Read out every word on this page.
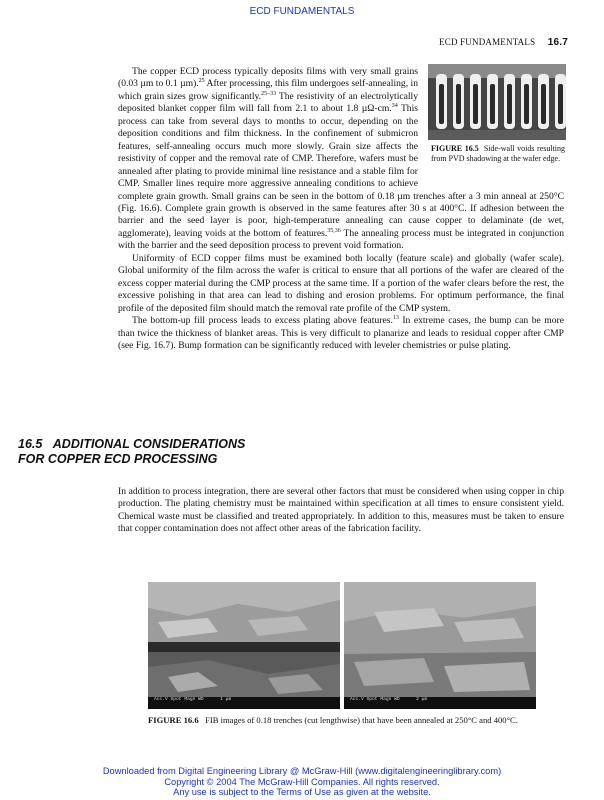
ECD FUNDAMENTALS
ECD FUNDAMENTALS 16.7
FIGURE 16.5 Side-wall voids resulting from PVD shadowing at the wafer edge.

The copper ECD process typically deposits films with very small grains (0.03 µm to 0.1 µm).$^{25}$ After processing, this film undergoes self-annealing, in which grain sizes grow significantly.$^{25-33}$ The resistivity of an electrolytically deposited blanket copper film will fall from 2.1 to about 1.8 µΩ-cm.$^{34}$ This process can take from several days to months to occur, depending on the deposition conditions and film thickness. In the confinement of submicron features, self-annealing occurs much more slowly. Grain size affects the resistivity of copper and the removal rate of CMP. Therefore, wafers must be annealed after plating to provide minimal line resistance and a stable film for CMP. Smaller lines require more aggressive annealing conditions to achieve complete grain growth. Small grains can be seen in the bottom of 0.18 µm trenches after a 3 min anneal at 250°C (Fig. 16.6). Complete grain growth is observed in the same features after 30 s at 400°C. If adhesion between the barrier and the seed layer is poor, high-temperature annealing can cause copper to delaminate (de wet, agglomerate), leaving voids at the bottom of features.$^{35,36}$ The annealing process must be integrated in conjunction with the barrier and the seed deposition process to prevent void formation.

Uniformity of ECD copper films must be examined both locally (feature scale) and globally (wafer scale). Global uniformity of the film across the wafer is critical to ensure that all portions of the wafer are cleared of the excess copper material during the CMP process at the same time. If a portion of the wafer clears before the rest, the excessive polishing in that area can lead to dishing and erosion problems. For optimum performance, the final profile of the deposited film should match the removal rate profile of the CMP system.

The bottom-up fill process leads to excess plating above features.$^{13}$ In extreme cases, the bump can be more than twice the thickness of blanket areas. This is very difficult to planarize and leads to residual copper after CMP (see Fig. 16.7). Bump formation can be significantly reduced with leveler chemistries or pulse plating.

16.5 ADDITIONAL CONSIDERATIONS
FOR COPPER ECD PROCESSING

In addition to process integration, there are several other factors that must be considered when using copper in chip production. The plating chemistry must be maintained within specification at all times to ensure consistent yield. Chemical waste must be classified and treated appropriately. In addition to this, measures must be taken to ensure that copper contamination does not affect other areas of the fabrication facility.

Acc.V Spot Magn WD      1 µm	Acc.V Spot Magn WD      2 µm
FIGURE 16.6 FIB images of 0.18 trenches (cut lengthwise) that have been annealed at 250°C and 400°C.
Downloaded from Digital Engineering Library @ McGraw-Hill (www.digitalengineeringlibrary.com)
Copyright © 2004 The McGraw-Hill Companies. All rights reserved.
Any use is subject to the Terms of Use as given at the website.
